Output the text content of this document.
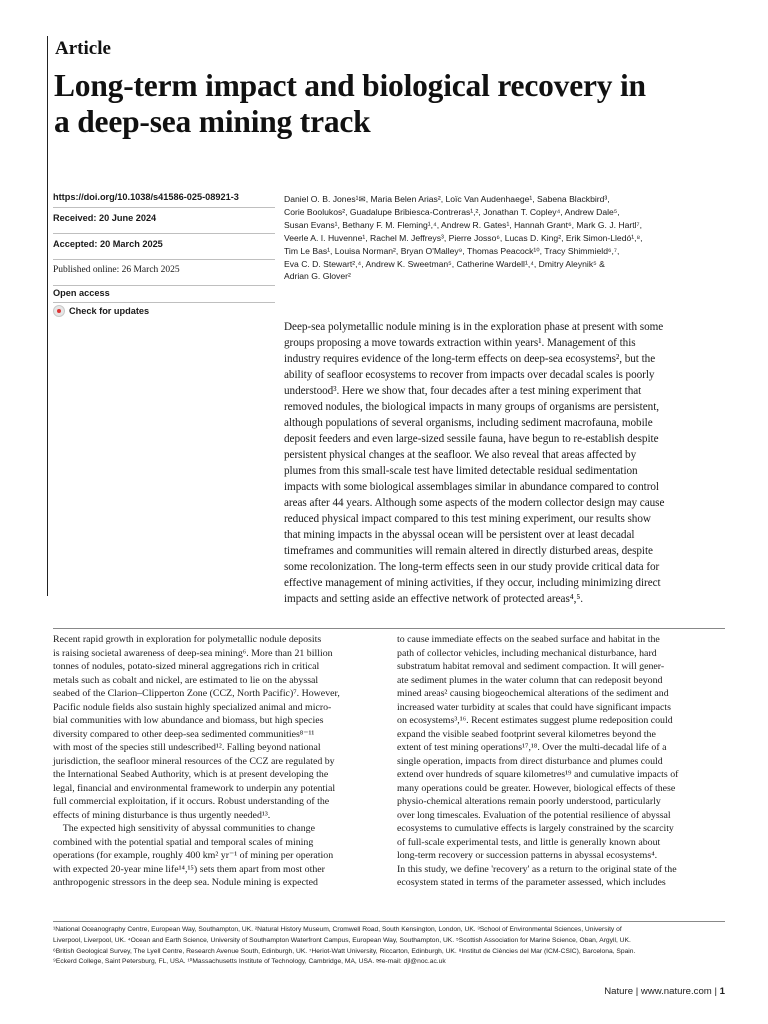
Article
Long-term impact and biological recovery in
a deep-sea mining track
https://doi.org/10.1038/s41586-025-08921-3
Received: 20 June 2024
Accepted: 20 March 2025
Published online: 26 March 2025
Open access
Check for updates

Daniel O. B. Jones¹✉, Maria Belen Arias², Loïc Van Audenhaege¹, Sabena Blackbird³,

Corie Boolukos², Guadalupe Bribiesca-Contreras¹,², Jonathan T. Copley⁴, Andrew Dale⁵,

Susan Evans¹, Bethany F. M. Fleming¹,⁴, Andrew R. Gates¹, Hannah Grant⁶, Mark G. J. Hartl⁷,

Veerle A. I. Huvenne¹, Rachel M. Jeffreys³, Pierre Josso⁶, Lucas D. King², Erik Simon-Lledó¹,⁸,

Tim Le Bas¹, Louisa Norman², Bryan O'Malley⁹, Thomas Peacock¹⁰, Tracy Shimmield⁶,⁷,

Eva C. D. Stewart²,⁴, Andrew K. Sweetman⁵, Catherine Wardell¹,⁴, Dmitry Aleynik⁵ &

Adrian G. Glover²

Deep-sea polymetallic nodule mining is in the exploration phase at present with some

groups proposing a move towards extraction within years¹. Management of this

industry requires evidence of the long-term effects on deep-sea ecosystems², but the

ability of seafloor ecosystems to recover from impacts over decadal scales is poorly

understood³. Here we show that, four decades after a test mining experiment that

removed nodules, the biological impacts in many groups of organisms are persistent,

although populations of several organisms, including sediment macrofauna, mobile

deposit feeders and even large-sized sessile fauna, have begun to re-establish despite

persistent physical changes at the seafloor. We also reveal that areas affected by

plumes from this small-scale test have limited detectable residual sedimentation

impacts with some biological assemblages similar in abundance compared to control

areas after 44 years. Although some aspects of the modern collector design may cause

reduced physical impact compared to this test mining experiment, our results show

that mining impacts in the abyssal ocean will be persistent over at least decadal

timeframes and communities will remain altered in directly disturbed areas, despite

some recolonization. The long-term effects seen in our study provide critical data for

effective management of mining activities, if they occur, including minimizing direct

impacts and setting aside an effective network of protected areas⁴,⁵.

Recent rapid growth in exploration for polymetallic nodule deposits

is raising societal awareness of deep-sea mining⁶. More than 21 billion

tonnes of nodules, potato-sized mineral aggregations rich in critical

metals such as cobalt and nickel, are estimated to lie on the abyssal

seabed of the Clarion–Clipperton Zone (CCZ, North Pacific)⁷. However,

Pacific nodule fields also sustain highly specialized animal and micro-

bial communities with low abundance and biomass, but high species

diversity compared to other deep-sea sedimented communities⁸⁻¹¹

with most of the species still undescribed¹². Falling beyond national

jurisdiction, the seafloor mineral resources of the CCZ are regulated by

the International Seabed Authority, which is at present developing the

legal, financial and environmental framework to underpin any potential

full commercial exploitation, if it occurs. Robust understanding of the

effects of mining disturbance is thus urgently needed¹³.

The expected high sensitivity of abyssal communities to change

combined with the potential spatial and temporal scales of mining

operations (for example, roughly 400 km² yr⁻¹ of mining per operation

with expected 20-year mine life¹⁴,¹⁵) sets them apart from most other

anthropogenic stressors in the deep sea. Nodule mining is expected

to cause immediate effects on the seabed surface and habitat in the

path of collector vehicles, including mechanical disturbance, hard

substratum habitat removal and sediment compaction. It will gener-

ate sediment plumes in the water column that can redeposit beyond

mined areas² causing biogeochemical alterations of the sediment and

increased water turbidity at scales that could have significant impacts

on ecosystems³,¹⁶. Recent estimates suggest plume redeposition could

expand the visible seabed footprint several kilometres beyond the

extent of test mining operations¹⁷,¹⁸. Over the multi-decadal life of a

single operation, impacts from direct disturbance and plumes could

extend over hundreds of square kilometres¹⁹ and cumulative impacts of

many operations could be greater. However, biological effects of these

physio-chemical alterations remain poorly understood, particularly

over long timescales. Evaluation of the potential resilience of abyssal

ecosystems to cumulative effects is largely constrained by the scarcity

of full-scale experimental tests, and little is generally known about

long-term recovery or succession patterns in abyssal ecosystems⁴.

In this study, we define 'recovery' as a return to the original state of the

ecosystem stated in terms of the parameter assessed, which includes

¹National Oceanography Centre, European Way, Southampton, UK. ²Natural History Museum, Cromwell Road, South Kensington, London, UK. ³School of Environmental Sciences, University of

Liverpool, Liverpool, UK. ⁴Ocean and Earth Science, University of Southampton Waterfront Campus, European Way, Southampton, UK. ⁵Scottish Association for Marine Science, Oban, Argyll, UK.

⁶British Geological Survey, The Lyell Centre, Research Avenue South, Edinburgh, UK. ⁷Heriot-Watt University, Riccarton, Edinburgh, UK. ⁸Institut de Ciències del Mar (ICM-CSIC), Barcelona, Spain.

⁹Eckerd College, Saint Petersburg, FL, USA. ¹⁰Massachusetts Institute of Technology, Cambridge, MA, USA. ✉e-mail: djl@noc.ac.uk

Nature | www.nature.com | 1
